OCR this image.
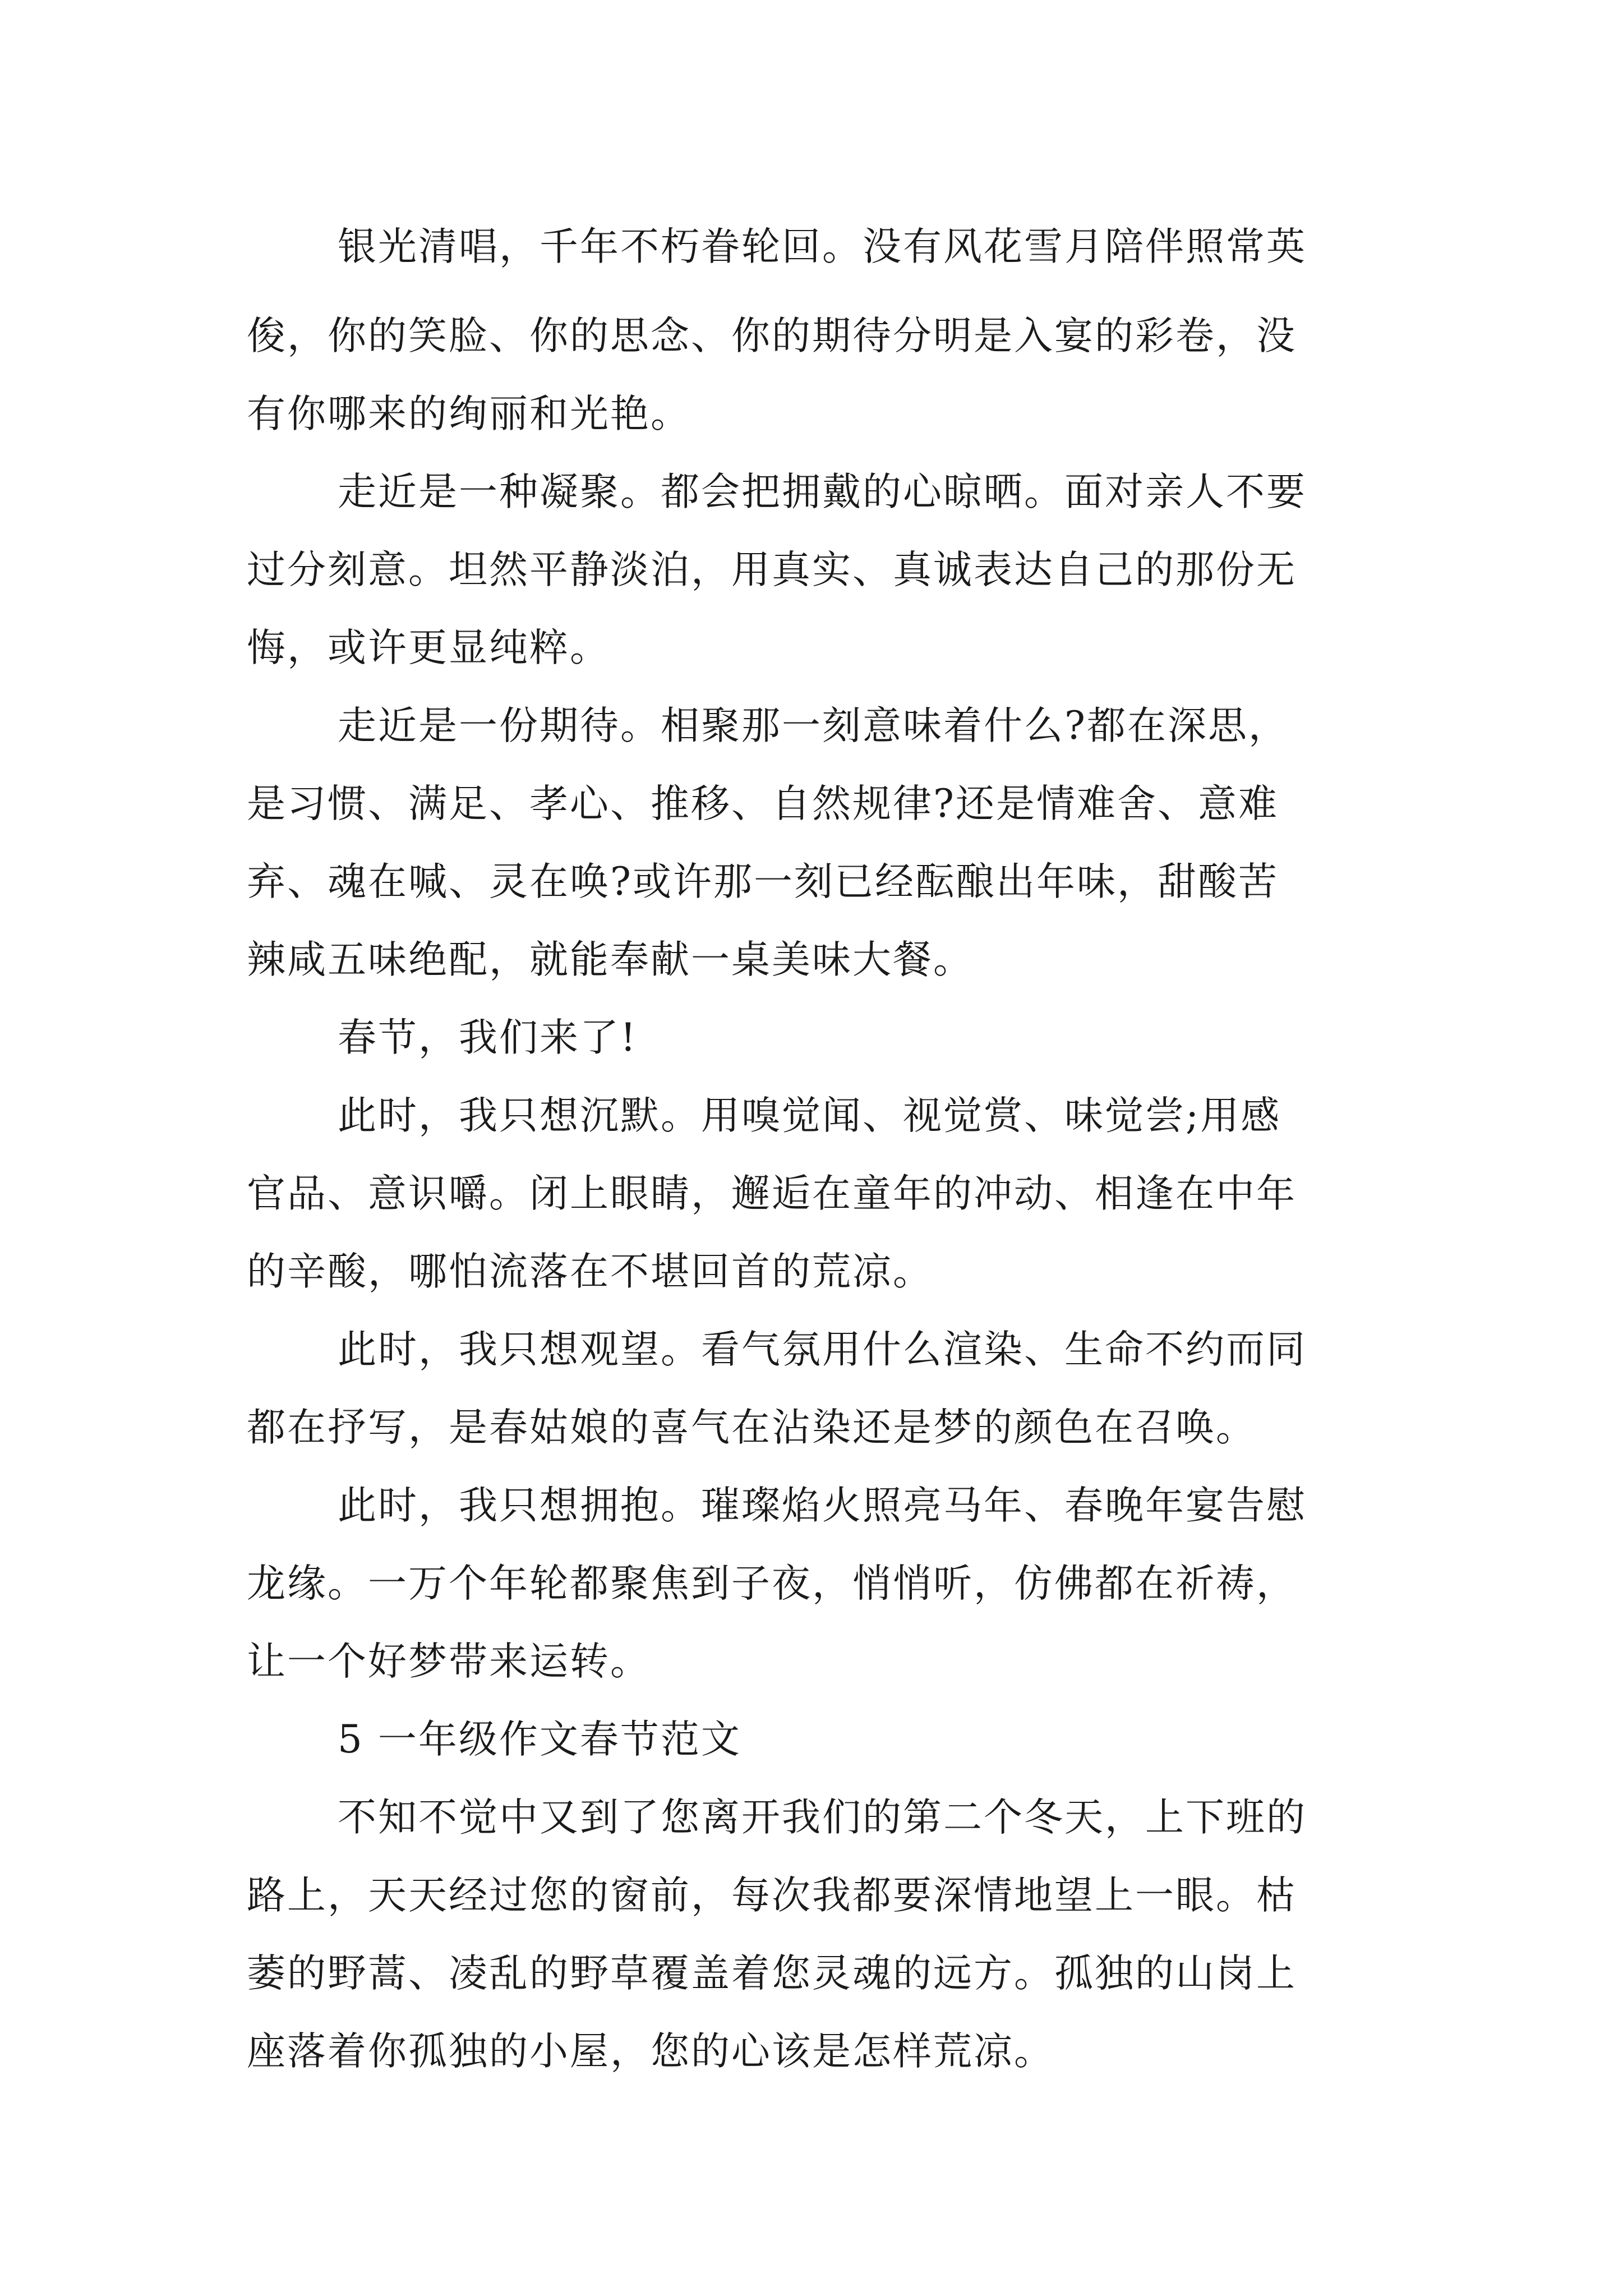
银光清唱，千年不朽眷轮回。没有风花雪月陪伴照常英
俊，你的笑脸、你的思念、你的期待分明是入宴的彩卷，没
有你哪来的绚丽和光艳。
走近是一种凝聚。都会把拥戴的心晾晒。面对亲人不要
过分刻意。坦然平静淡泊，用真实、真诚表达自己的那份无
悔，或许更显纯粹。
走近是一份期待。相聚那一刻意味着什么?都在深思，
是习惯、满足、孝心、推移、自然规律?还是情难舍、意难
弃、魂在喊、灵在唤?或许那一刻已经酝酿出年味，甜酸苦
辣咸五味绝配，就能奉献一桌美味大餐。
春节，我们来了!
此时，我只想沉默。用嗅觉闻、视觉赏、味觉尝;用感
官品、意识嚼。闭上眼睛，邂逅在童年的冲动、相逢在中年
的辛酸，哪怕流落在不堪回首的荒凉。
此时，我只想观望。看气氛用什么渲染、生命不约而同
都在抒写，是春姑娘的喜气在沾染还是梦的颜色在召唤。
此时，我只想拥抱。璀璨焰火照亮马年、春晚年宴告慰
龙缘。一万个年轮都聚焦到子夜，悄悄听，仿佛都在祈祷，
让一个好梦带来运转。
5 一年级作文春节范文
不知不觉中又到了您离开我们的第二个冬天，上下班的
路上，天天经过您的窗前，每次我都要深情地望上一眼。枯
萎的野蒿、凌乱的野草覆盖着您灵魂的远方。孤独的山岗上
座落着你孤独的小屋，您的心该是怎样荒凉。
